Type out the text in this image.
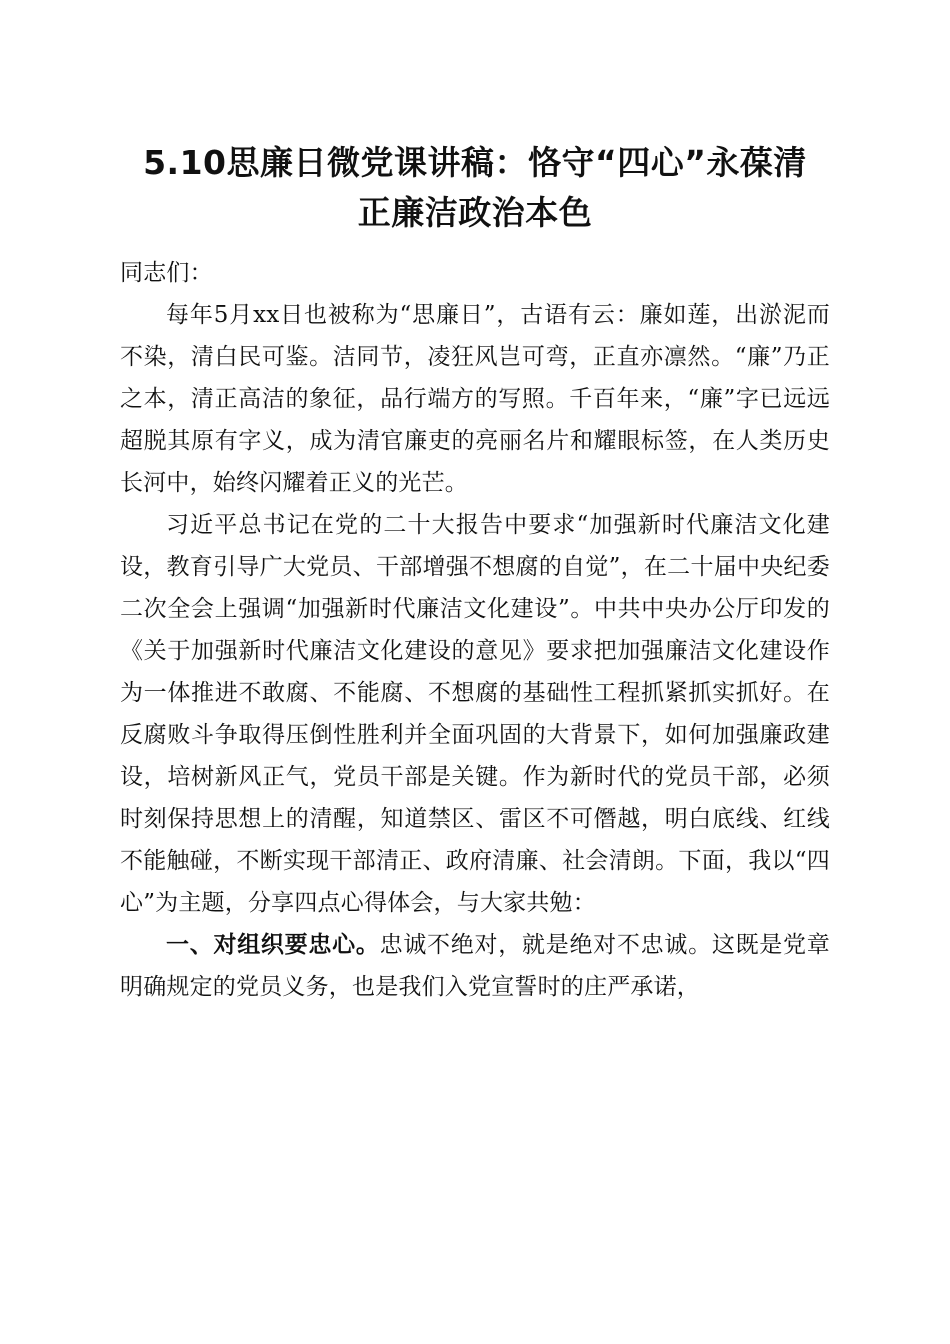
5.10思廉日微党课讲稿：恪守“四心”永葆清
正廉洁政治本色

同志们：

每年5月xx日也被称为“思廉日”，古语有云：廉如莲，出淤泥而不染，清白民可鉴。洁同节，凌狂风岂可弯，正直亦凛然。“廉”乃正之本，清正高洁的象征，品行端方的写照。千百年来，“廉”字已远远超脱其原有字义，成为清官廉吏的亮丽名片和耀眼标签，在人类历史长河中，始终闪耀着正义的光芒。

习近平总书记在党的二十大报告中要求“加强新时代廉洁文化建设，教育引导广大党员、干部增强不想腐的自觉”，在二十届中央纪委二次全会上强调“加强新时代廉洁文化建设”。中共中央办公厅印发的《关于加强新时代廉洁文化建设的意见》要求把加强廉洁文化建设作为一体推进不敢腐、不能腐、不想腐的基础性工程抓紧抓实抓好。在反腐败斗争取得压倒性胜利并全面巩固的大背景下，如何加强廉政建设，培树新风正气，党员干部是关键。作为新时代的党员干部，必须时刻保持思想上的清醒，知道禁区、雷区不可僭越，明白底线、红线不能触碰，不断实现干部清正、政府清廉、社会清朗。下面，我以“四心”为主题，分享四点心得体会，与大家共勉：

一、对组织要忠心。忠诚不绝对，就是绝对不忠诚。这既是党章明确规定的党员义务，也是我们入党宣誓时的庄严承诺，
